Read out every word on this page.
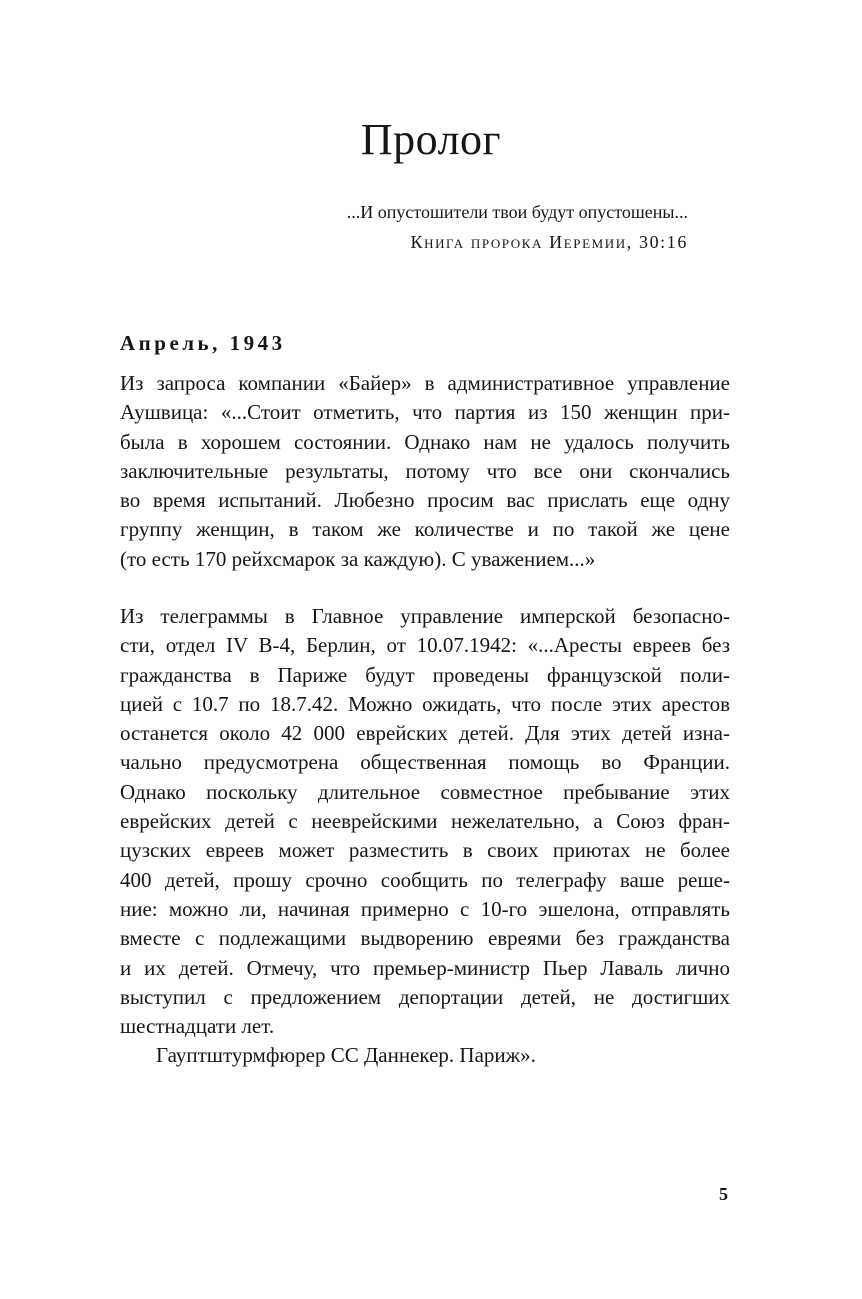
Пролог
...И опустошители твои будут опустошены...
Книга пророка Иеремии, 30:16
Апрель, 1943
Из запроса компании «Байер» в административное управление
Аушвица: «...Стоит отметить, что партия из 150 женщин при-
была в хорошем состоянии. Однако нам не удалось получить
заключительные результаты, потому что все они скончались
во время испытаний. Любезно просим вас прислать еще одну
группу женщин, в таком же количестве и по такой же цене
(то есть 170 рейхсмарок за каждую). С уважением...»
Из телеграммы в Главное управление имперской безопасно-
сти, отдел IV B-4, Берлин, от 10.07.1942: «...Аресты евреев без
гражданства в Париже будут проведены французской поли-
цией с 10.7 по 18.7.42. Можно ожидать, что после этих арестов
останется около 42 000 еврейских детей. Для этих детей изна-
чально предусмотрена общественная помощь во Франции.
Однако поскольку длительное совместное пребывание этих
еврейских детей с нееврейскими нежелательно, а Союз фран-
цузских евреев может разместить в своих приютах не более
400 детей, прошу срочно сообщить по телеграфу ваше реше-
ние: можно ли, начиная примерно с 10-го эшелона, отправлять
вместе с подлежащими выдворению евреями без гражданства
и их детей. Отмечу, что премьер-министр Пьер Лаваль лично
выступил с предложением депортации детей, не достигших
шестнадцати лет.
Гауптштурмфюрер СС Даннекер. Париж».
5
